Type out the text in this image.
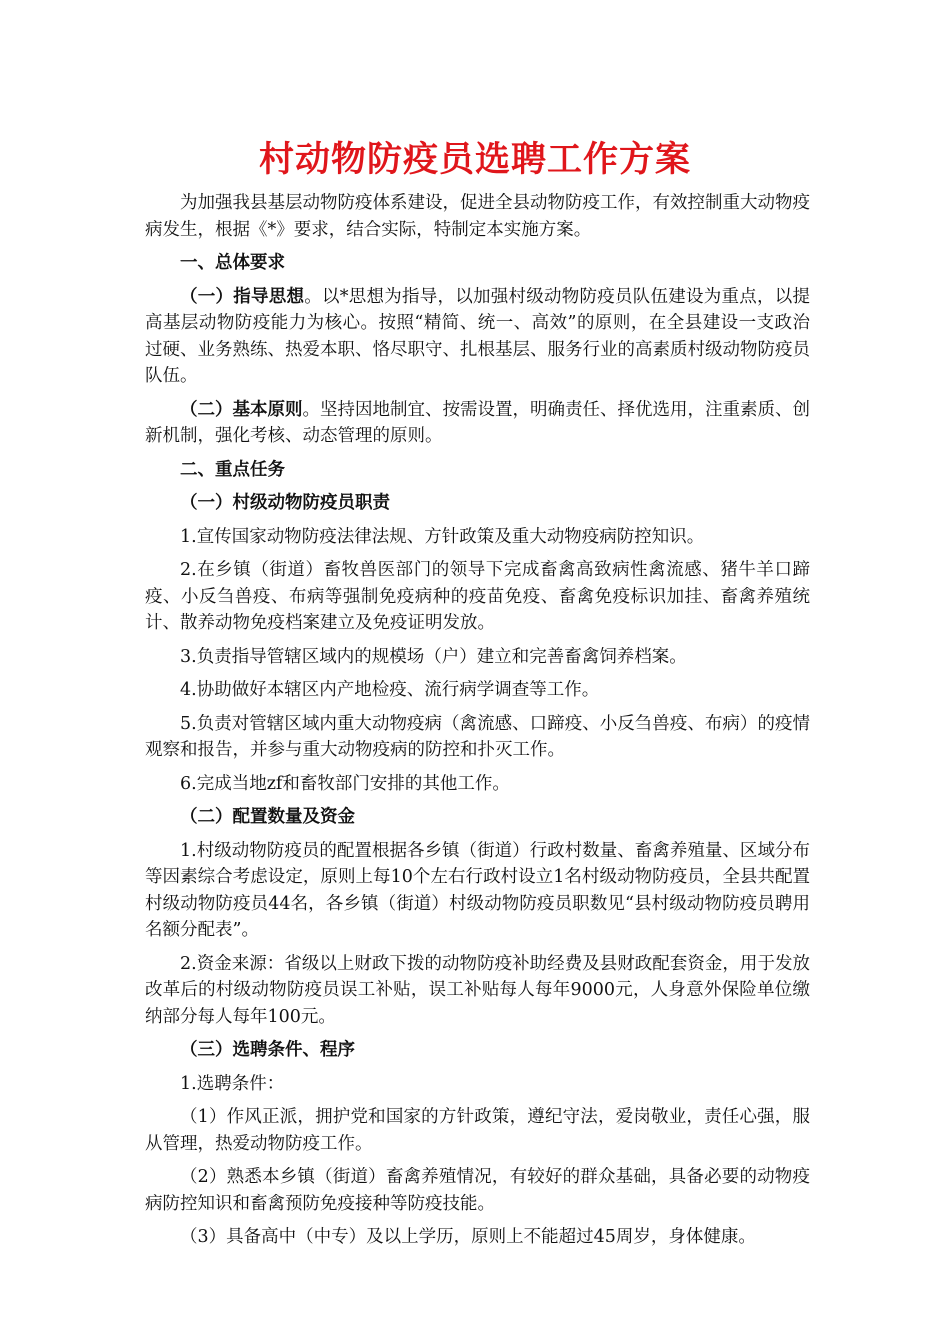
村动物防疫员选聘工作方案

为加强我县基层动物防疫体系建设，促进全县动物防疫工作，有效控制重大动物疫病发生，根据《*》要求，结合实际，特制定本实施方案。

一、总体要求

（一）指导思想。以*思想为指导，以加强村级动物防疫员队伍建设为重点，以提高基层动物防疫能力为核心。按照“精简、统一、高效”的原则，在全县建设一支政治过硬、业务熟练、热爱本职、恪尽职守、扎根基层、服务行业的高素质村级动物防疫员队伍。

（二）基本原则。坚持因地制宜、按需设置，明确责任、择优选用，注重素质、创新机制，强化考核、动态管理的原则。

二、重点任务

（一）村级动物防疫员职责

1.宣传国家动物防疫法律法规、方针政策及重大动物疫病防控知识。

2.在乡镇（街道）畜牧兽医部门的领导下完成畜禽高致病性禽流感、猪牛羊口蹄疫、小反刍兽疫、布病等强制免疫病种的疫苗免疫、畜禽免疫标识加挂、畜禽养殖统计、散养动物免疫档案建立及免疫证明发放。

3.负责指导管辖区域内的规模场（户）建立和完善畜禽饲养档案。

4.协助做好本辖区内产地检疫、流行病学调查等工作。

5.负责对管辖区域内重大动物疫病（禽流感、口蹄疫、小反刍兽疫、布病）的疫情观察和报告，并参与重大动物疫病的防控和扑灭工作。

6.完成当地zf和畜牧部门安排的其他工作。

（二）配置数量及资金

1.村级动物防疫员的配置根据各乡镇（街道）行政村数量、畜禽养殖量、区域分布等因素综合考虑设定，原则上每10个左右行政村设立1名村级动物防疫员，全县共配置村级动物防疫员44名，各乡镇（街道）村级动物防疫员职数见“县村级动物防疫员聘用名额分配表”。

2.资金来源：省级以上财政下拨的动物防疫补助经费及县财政配套资金，用于发放改革后的村级动物防疫员误工补贴，误工补贴每人每年9000元，人身意外保险单位缴纳部分每人每年100元。

（三）选聘条件、程序

1.选聘条件：

（1）作风正派，拥护党和国家的方针政策，遵纪守法，爱岗敬业，责任心强，服从管理，热爱动物防疫工作。

（2）熟悉本乡镇（街道）畜禽养殖情况，有较好的群众基础，具备必要的动物疫病防控知识和畜禽预防免疫接种等防疫技能。

（3）具备高中（中专）及以上学历，原则上不能超过45周岁，身体健康。
